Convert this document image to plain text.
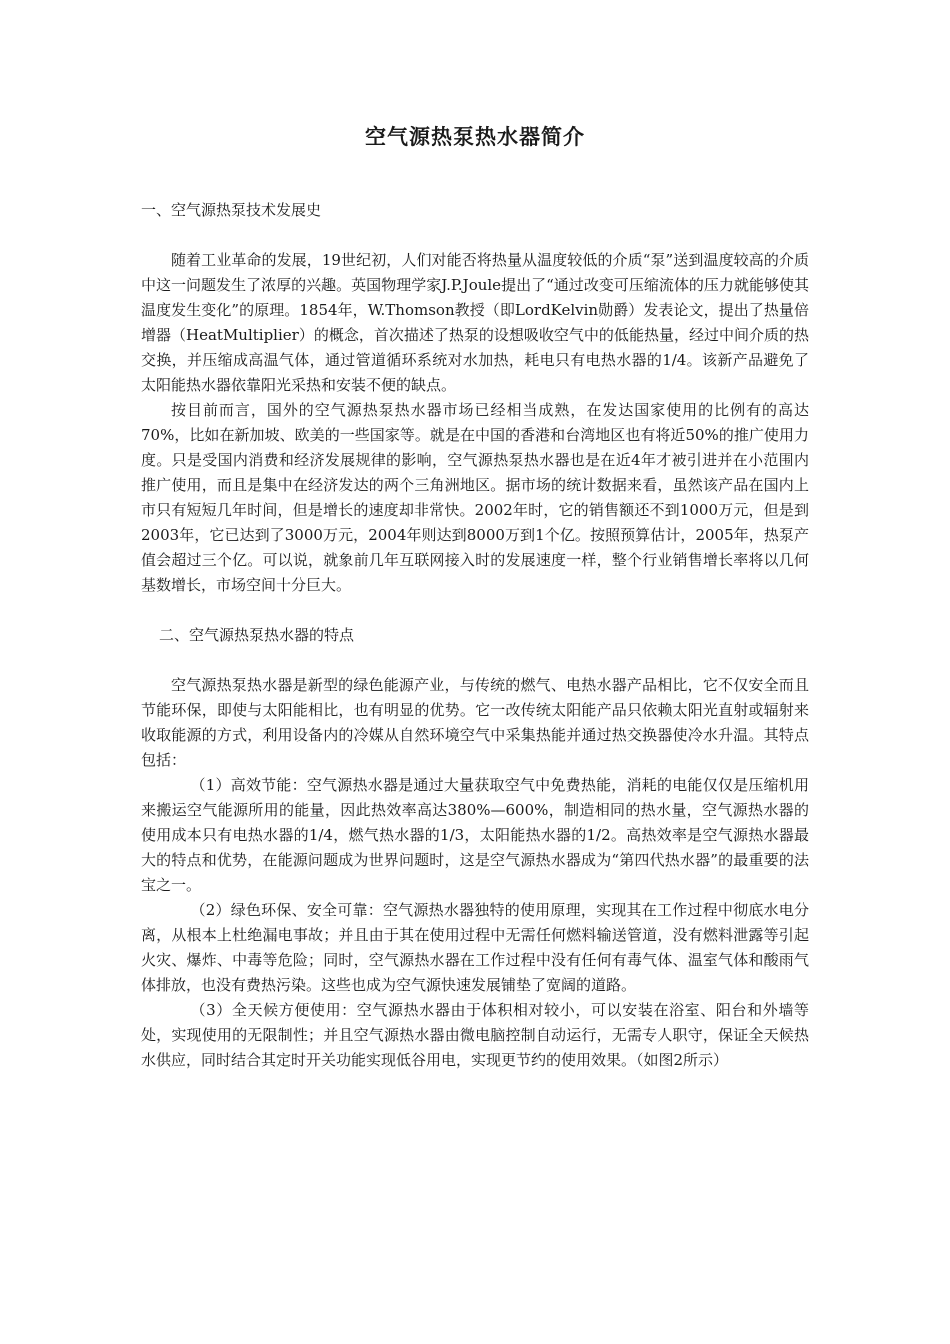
空气源热泵热水器简介

一、空气源热泵技术发展史

随着工业革命的发展，19世纪初，人们对能否将热量从温度较低的介质“泵”送到温度较高的介质中这一问题发生了浓厚的兴趣。英国物理学家J.P.Joule提出了“通过改变可压缩流体的压力就能够使其温度发生变化”的原理。1854年，W.Thomson教授（即LordKelvin勋爵）发表论文，提出了热量倍增器（HeatMultiplier）的概念，首次描述了热泵的设想吸收空气中的低能热量，经过中间介质的热交换，并压缩成高温气体，通过管道循环系统对水加热，耗电只有电热水器的1/4。该新产品避免了太阳能热水器依靠阳光采热和安装不便的缺点。

按目前而言，国外的空气源热泵热水器市场已经相当成熟，在发达国家使用的比例有的高达70%，比如在新加坡、欧美的一些国家等。就是在中国的香港和台湾地区也有将近50%的推广使用力度。只是受国内消费和经济发展规律的影响，空气源热泵热水器也是在近4年才被引进并在小范围内推广使用，而且是集中在经济发达的两个三角洲地区。据市场的统计数据来看，虽然该产品在国内上市只有短短几年时间，但是增长的速度却非常快。2002年时，它的销售额还不到1000万元，但是到2003年，它已达到了3000万元，2004年则达到8000万到1个亿。按照预算估计，2005年，热泵产值会超过三个亿。可以说，就象前几年互联网接入时的发展速度一样，整个行业销售增长率将以几何基数增长，市场空间十分巨大。

二、空气源热泵热水器的特点

空气源热泵热水器是新型的绿色能源产业，与传统的燃气、电热水器产品相比，它不仅安全而且节能环保，即使与太阳能相比，也有明显的优势。它一改传统太阳能产品只依赖太阳光直射或辐射来收取能源的方式，利用设备内的冷媒从自然环境空气中采集热能并通过热交换器使冷水升温。其特点包括：

（1）高效节能：空气源热水器是通过大量获取空气中免费热能，消耗的电能仅仅是压缩机用来搬运空气能源所用的能量，因此热效率高达380%—600%，制造相同的热水量，空气源热水器的使用成本只有电热水器的1/4，燃气热水器的1/3，太阳能热水器的1/2。高热效率是空气源热水器最大的特点和优势，在能源问题成为世界问题时，这是空气源热水器成为“第四代热水器”的最重要的法宝之一。

（2）绿色环保、安全可靠：空气源热水器独特的使用原理，实现其在工作过程中彻底水电分离，从根本上杜绝漏电事故；并且由于其在使用过程中无需任何燃料输送管道，没有燃料泄露等引起火灾、爆炸、中毒等危险；同时，空气源热水器在工作过程中没有任何有毒气体、温室气体和酸雨气体排放，也没有费热污染。这些也成为空气源快速发展铺垫了宽阔的道路。

（3）全天候方便使用：空气源热水器由于体积相对较小，可以安装在浴室、阳台和外墙等处，实现使用的无限制性；并且空气源热水器由微电脑控制自动运行，无需专人职守，保证全天候热水供应，同时结合其定时开关功能实现低谷用电，实现更节约的使用效果。（如图2所示）
